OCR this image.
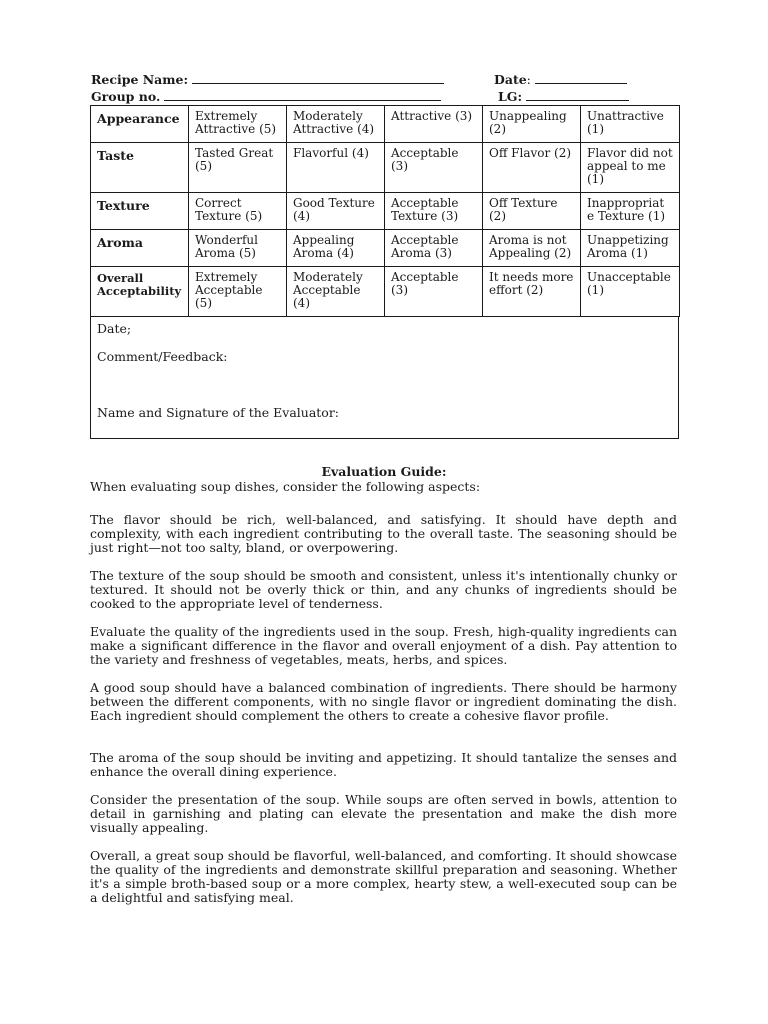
Recipe Name:	Date:
Group no.	LG:
Appearance	Extremely Attractive (5)	Moderately Attractive (4)	Attractive (3)	Unappealing (2)	Unattractive (1)
Taste	Tasted Great (5)	Flavorful (4)	Acceptable (3)	Off Flavor (2)	Flavor did not appeal to me (1)
Texture	Correct Texture (5)	Good Texture (4)	Acceptable Texture (3)	Off Texture (2)	Inappropriat e Texture (1)
Aroma	Wonderful Aroma (5)	Appealing Aroma (4)	Acceptable Aroma (3)	Aroma is not Appealing (2)	Unappetizing Aroma (1)
Overall Acceptability	Extremely Acceptable (5)	Moderately Acceptable (4)	Acceptable (3)	It needs more effort (2)	Unacceptable (1)
Date;
Comment/Feedback:
Name and Signature of the Evaluator:
Evaluation Guide:
When evaluating soup dishes, consider the following aspects:
The flavor should be rich, well-balanced, and satisfying. It should have depth and complexity, with each ingredient contributing to the overall taste. The seasoning should be just right—not too salty, bland, or overpowering.
The texture of the soup should be smooth and consistent, unless it's intentionally chunky or textured. It should not be overly thick or thin, and any chunks of ingredients should be cooked to the appropriate level of tenderness.
Evaluate the quality of the ingredients used in the soup. Fresh, high-quality ingredients can make a significant difference in the flavor and overall enjoyment of a dish. Pay attention to the variety and freshness of vegetables, meats, herbs, and spices.
A good soup should have a balanced combination of ingredients. There should be harmony between the different components, with no single flavor or ingredient dominating the dish. Each ingredient should complement the others to create a cohesive flavor profile.
The aroma of the soup should be inviting and appetizing. It should tantalize the senses and enhance the overall dining experience.
Consider the presentation of the soup. While soups are often served in bowls, attention to detail in garnishing and plating can elevate the presentation and make the dish more visually appealing.
Overall, a great soup should be flavorful, well-balanced, and comforting. It should showcase the quality of the ingredients and demonstrate skillful preparation and seasoning. Whether it's a simple broth-based soup or a more complex, hearty stew, a well-executed soup can be a delightful and satisfying meal.
